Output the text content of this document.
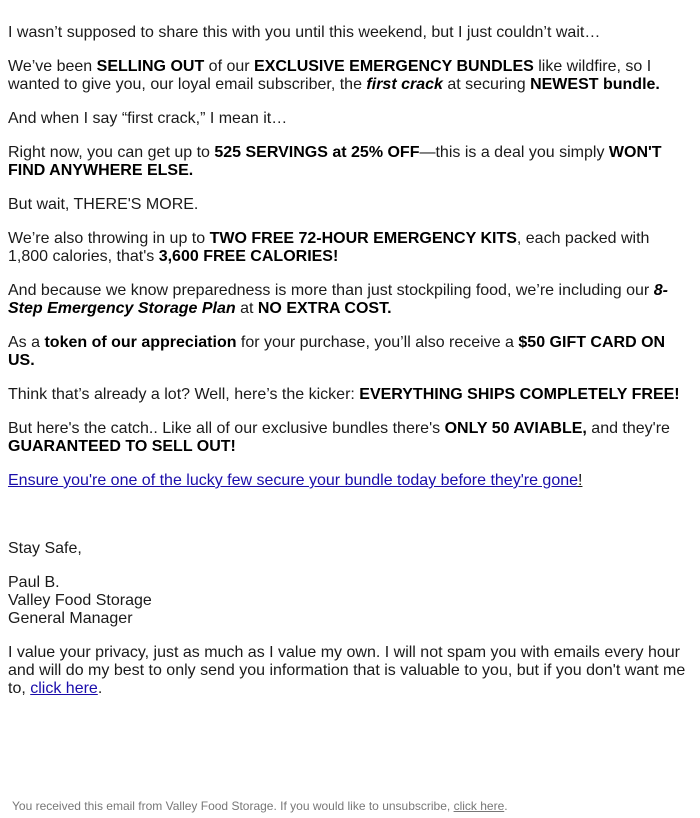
I wasn’t supposed to share this with you until this weekend, but I just couldn’t wait…

We’ve been SELLING OUT of our EXCLUSIVE EMERGENCY BUNDLES like wildfire, so I wanted to give you, our loyal email subscriber, the first crack at securing NEWEST bundle.

And when I say “first crack,” I mean it…

Right now, you can get up to 525 SERVINGS at 25% OFF—this is a deal you simply WON'T FIND ANYWHERE ELSE.

But wait, THERE'S MORE.

We’re also throwing in up to TWO FREE 72-HOUR EMERGENCY KITS, each packed with 1,800 calories, that's 3,600 FREE CALORIES!

And because we know preparedness is more than just stockpiling food, we’re including our 8-Step Emergency Storage Plan at NO EXTRA COST.

As a token of our appreciation for your purchase, you’ll also receive a $50 GIFT CARD ON US.

Think that’s already a lot? Well, here’s the kicker: EVERYTHING SHIPS COMPLETELY FREE!

But here's the catch.. Like all of our exclusive bundles there's ONLY 50 AVIABLE, and they're GUARANTEED TO SELL OUT!

Ensure you're one of the lucky few secure your bundle today before they're gone!

Stay Safe,

Paul B.
Valley Food Storage
General Manager

I value your privacy, just as much as I value my own. I will not spam you with emails every hour and will do my best to only send you information that is valuable to you, but if you don't want me to, click here.

You received this email from Valley Food Storage. If you would like to unsubscribe, click here.
